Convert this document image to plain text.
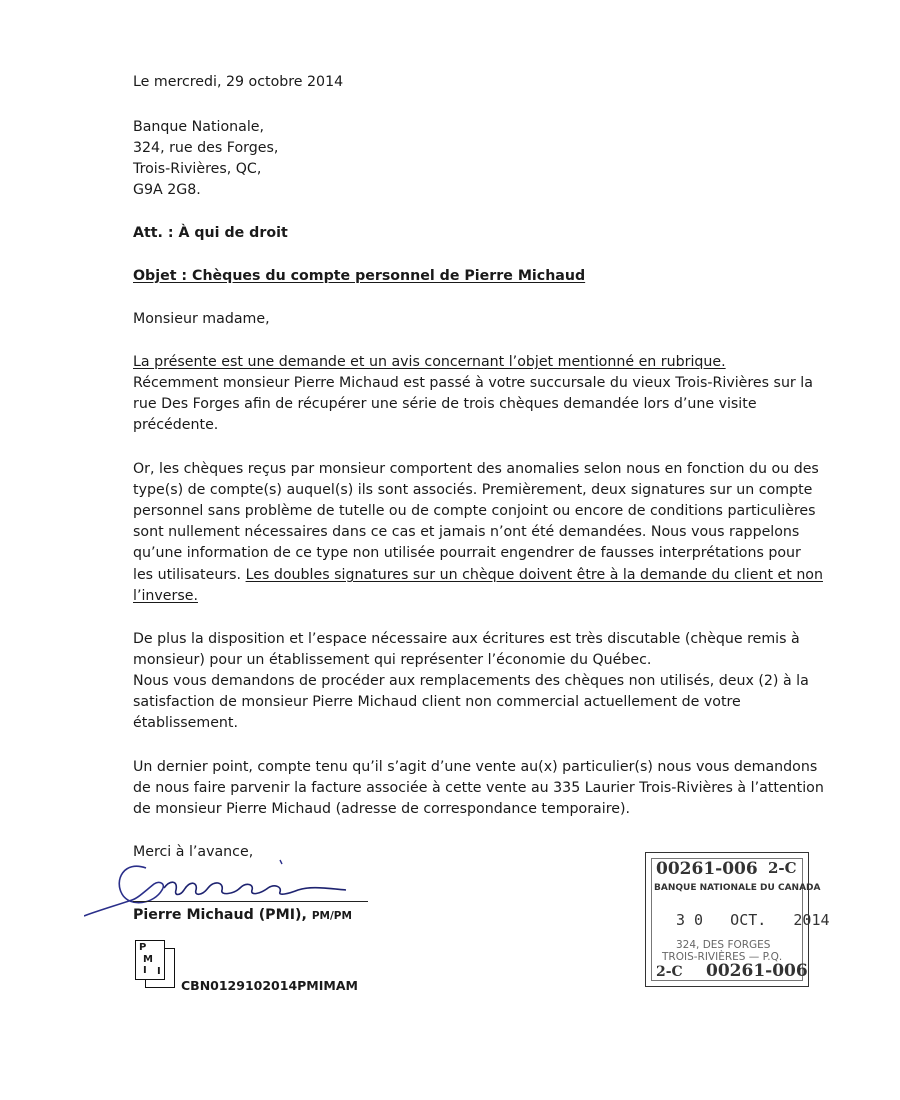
Le mercredi, 29 octobre 2014
Banque Nationale,
324, rue des Forges,
Trois-Rivières, QC,
G9A 2G8.
Att. : À qui de droit
Objet : Chèques du compte personnel de Pierre Michaud
Monsieur madame,
La présente est une demande et un avis concernant l’objet mentionné en rubrique.
Récemment monsieur Pierre Michaud est passé à votre succursale du vieux Trois-Rivières sur la
rue Des Forges afin de récupérer une série de trois chèques demandée lors d’une visite
précédente.
Or, les chèques reçus par monsieur comportent des anomalies selon nous en fonction du ou des
type(s) de compte(s) auquel(s) ils sont associés. Premièrement, deux signatures sur un compte
personnel sans problème de tutelle ou de compte conjoint ou encore de conditions particulières
sont nullement nécessaires dans ce cas et jamais n’ont été demandées. Nous vous rappelons
qu’une information de ce type non utilisée pourrait engendrer de fausses interprétations pour
les utilisateurs. Les doubles signatures sur un chèque doivent être à la demande du client et non
l’inverse.
De plus la disposition et l’espace nécessaire aux écritures est très discutable (chèque remis à
monsieur) pour un établissement qui représenter l’économie du Québec.
Nous vous demandons de procéder aux remplacements des chèques non utilisés, deux (2) à la
satisfaction de monsieur Pierre Michaud client non commercial actuellement de votre
établissement.
Un dernier point, compte tenu qu’il s’agit d’une vente au(x) particulier(s) nous vous demandons
de nous faire parvenir la facture associée à cette vente au 335 Laurier Trois-Rivières à l’attention
de monsieur Pierre Michaud (adresse de correspondance temporaire).
Merci à l’avance,
Pierre Michaud (PMI), PM/PM
P
M I I
CBN0129102014PMIMAM
00261-006 2-C
BANQUE NATIONALE DU CANADA
3 0   OCT.   2014
324, DES FORGES
TROIS-RIVIÈRES — P.Q.
2-C 00261-006
